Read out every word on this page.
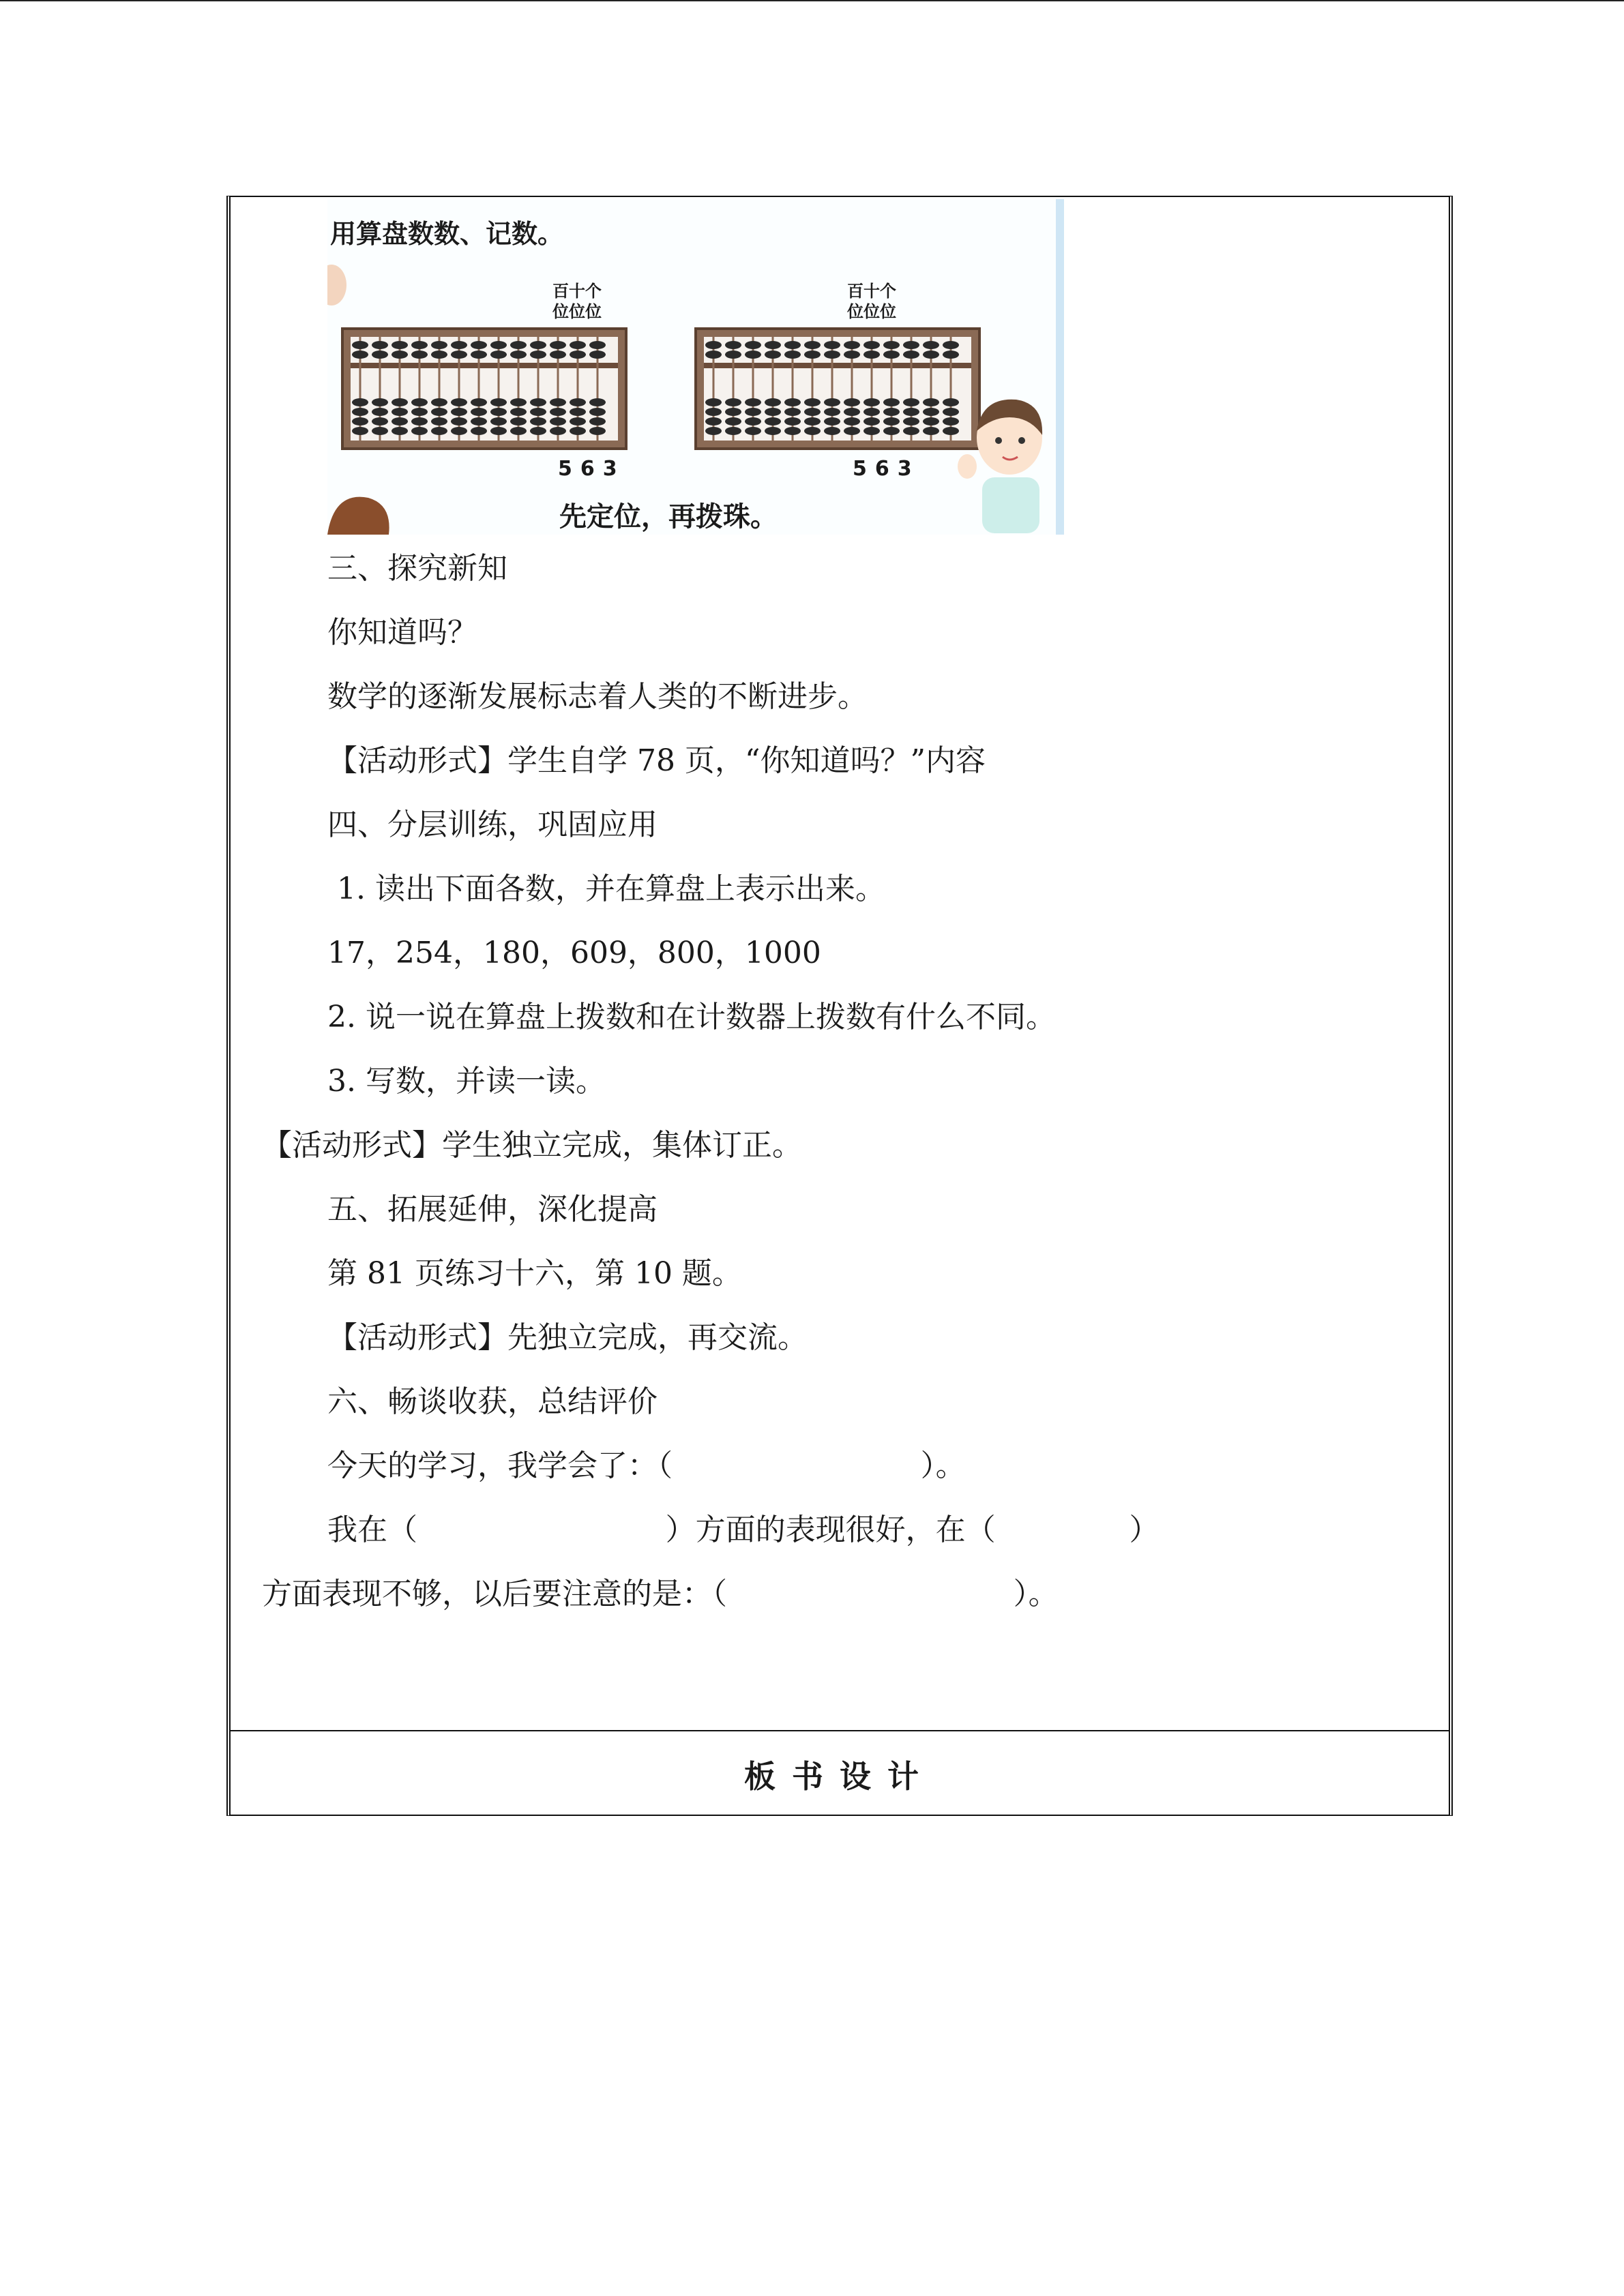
板书设计
用算盘数数、记数。
百十个
位位位
563
百十个
位位位
563
先定位，再拨珠。
三、探究新知
你知道吗？
数学的逐渐发展标志着人类的不断进步。
【活动形式】学生自学 78 页，“你知道吗？”内容
四、分层训练，巩固应用
1. 读出下面各数，并在算盘上表示出来。
17，254，180，609，800，1000
2. 说一说在算盘上拨数和在计数器上拨数有什么不同。
3. 写数，并读一读。
【活动形式】学生独立完成，集体订正。
五、拓展延伸，深化提高
第 81 页练习十六，第 10 题。
【活动形式】先独立完成，再交流。
六、畅谈收获，总结评价
今天的学习，我学会了：（                          ）。
我在（                          ）方面的表现很好，在（              ）
方面表现不够，以后要注意的是：（                              ）。
